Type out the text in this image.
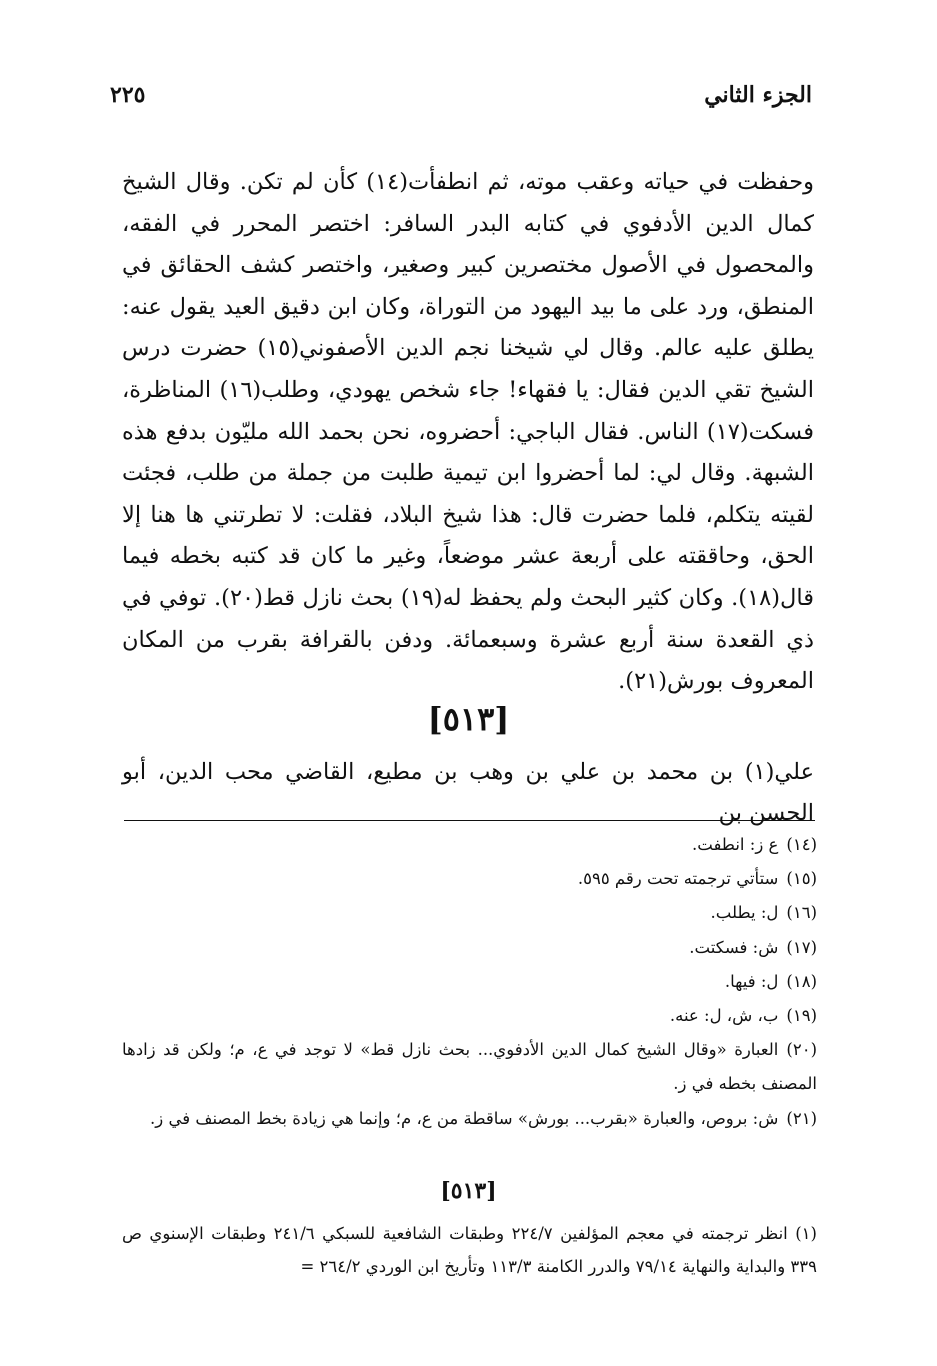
الجزء الثاني
٢٢٥

وحفظت في حياته وعقب موته، ثم انطفأت(١٤) كأن لم تكن. وقال الشيخ كمال الدين الأدفوي في كتابه البدر السافر: اختصر المحرر في الفقه، والمحصول في الأصول مختصرين كبير وصغير، واختصر كشف الحقائق في المنطق، ورد على ما بيد اليهود من التوراة، وكان ابن دقيق العيد يقول عنه: يطلق عليه عالم. وقال لي شيخنا نجم الدين الأصفوني(١٥) حضرت درس الشيخ تقي الدين فقال: يا فقهاء! جاء شخص يهودي، وطلب(١٦) المناظرة، فسكت(١٧) الناس. فقال الباجي: أحضروه، نحن بحمد الله مليّون بدفع هذه الشبهة. وقال لي: لما أحضروا ابن تيمية طلبت من جملة من طلب، فجئت لقيته يتكلم، فلما حضرت قال: هذا شيخ البلاد، فقلت: لا تطرتني ها هنا إلا الحق، وحاققته على أربعة عشر موضعاً، وغير ما كان قد كتبه بخطه فيما قال(١٨). وكان كثير البحث ولم يحفظ له(١٩) بحث نازل قط(٢٠). توفي في ذي القعدة سنة أربع عشرة وسبعمائة. ودفن بالقرافة بقرب من المكان المعروف بورش(٢١).

[٥١٣]
علي(١) بن محمد بن علي بن وهب بن مطيع، القاضي محب الدين، أبو الحسن بن

(١٤)ع ز: انطفت.

(١٥)ستأتي ترجمته تحت رقم ٥٩٥.

(١٦)ل: يطلب.

(١٧)ش: فسكتت.

(١٨)ل: فيها.

(١٩)ب، ش، ل: عنه.

(٢٠)العبارة «وقال الشيخ كمال الدين الأدفوي... بحث نازل قط» لا توجد في ع، م؛ ولكن قد زادها المصنف بخطه في ز.

(٢١)ش: بروص، والعبارة «بقرب... بورش» ساقطة من ع، م؛ وإنما هي زيادة بخط المصنف في ز.

[٥١٣]

(١) انظر ترجمته في معجم المؤلفين ٢٢٤/٧ وطبقات الشافعية للسبكي ٢٤١/٦ وطبقات الإسنوي ص ٣٣٩ والبداية والنهاية ٧٩/١٤ والدرر الكامنة ١١٣/٣ وتأريخ ابن الوردي ٢٦٤/٢ =
